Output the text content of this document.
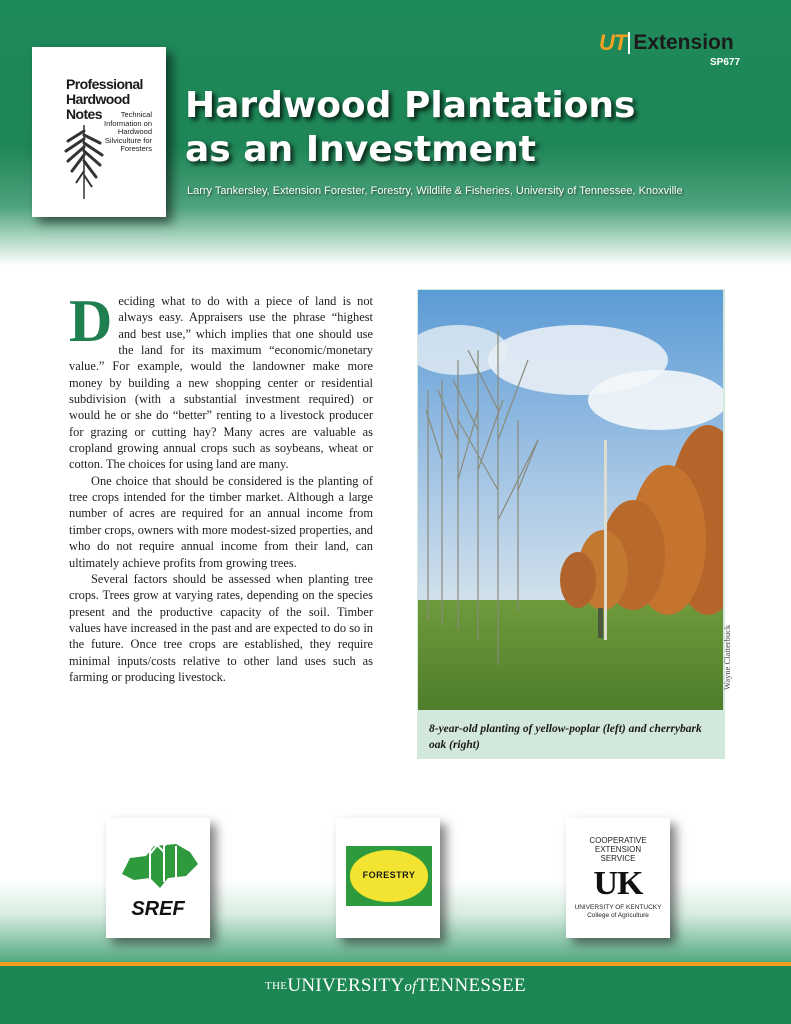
Professional
Hardwood
Notes	Technical Information on Hardwood Silviculture for Foresters
UT Extension
SP677
Hardwood Plantations
as an Investment
Larry Tankersley, Extension Forester, Forestry, Wildlife & Fisheries, University of Tennessee, Knoxville

Deciding what to do with a piece of land is not always easy. Appraisers use the phrase “highest and best use,” which implies that one should use the land for its maximum “economic/monetary value.” For example, would the landowner make more money by building a new shopping center or residential subdivision (with a substantial investment required) or would he or she do “better” renting to a livestock producer for grazing or cutting hay? Many acres are valuable as cropland growing annual crops such as soybeans, wheat or cotton. The choices for using land are many.

One choice that should be considered is the planting of tree crops intended for the timber market. Although a large number of acres are required for an annual income from timber crops, owners with more modest-sized properties, and who do not require annual income from their land, can ultimately achieve profits from growing trees.

Several factors should be assessed when planting tree crops. Trees grow at varying rates, depending on the species present and the productive capacity of the soil. Timber values have increased in the past and are expected to do so in the future. Once tree crops are established, they require minimal inputs/costs relative to other land uses such as farming or producing livestock.

8-year-old planting of yellow-poplar (left) and cherrybark oak (right)
Wayne Clatterbuck
SREF
FORESTRY
COOPERATIVE
EXTENSION
SERVICE
UK
UNIVERSITY OF KENTUCKY
College of Agriculture
THEUNIVERSITYofTENNESSEE
